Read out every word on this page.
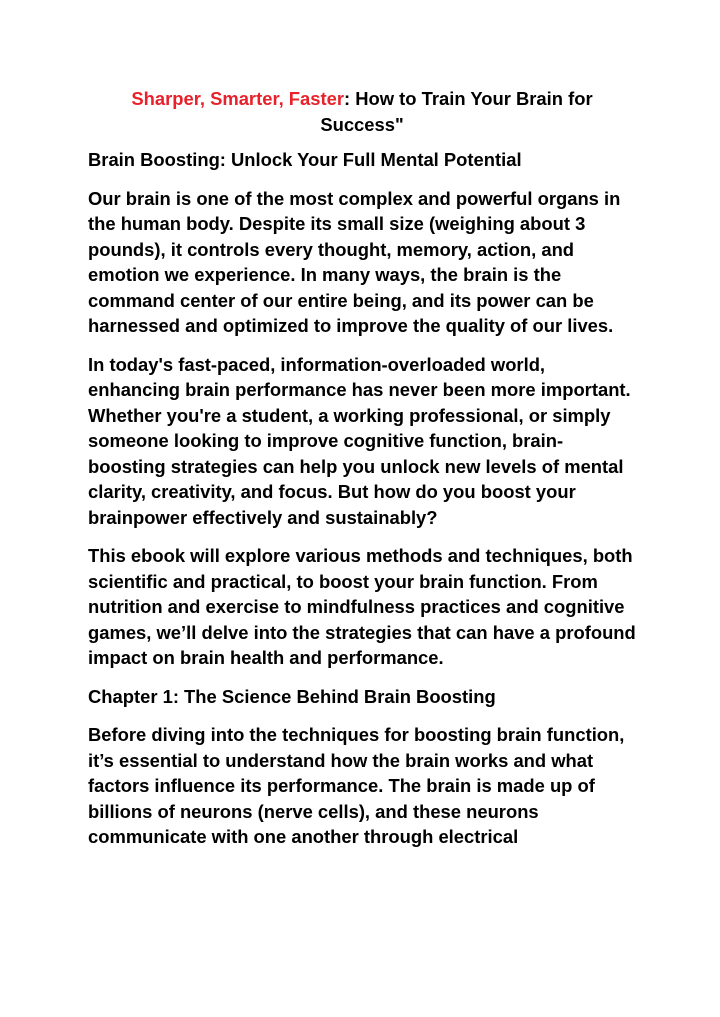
Sharper, Smarter, Faster: How to Train Your Brain for Success"
Brain Boosting: Unlock Your Full Mental Potential
Our brain is one of the most complex and powerful organs in the human body. Despite its small size (weighing about 3 pounds), it controls every thought, memory, action, and emotion we experience. In many ways, the brain is the command center of our entire being, and its power can be harnessed and optimized to improve the quality of our lives.
In today's fast-paced, information-overloaded world, enhancing brain performance has never been more important. Whether you're a student, a working professional, or simply someone looking to improve cognitive function, brain-boosting strategies can help you unlock new levels of mental clarity, creativity, and focus. But how do you boost your brainpower effectively and sustainably?
This ebook will explore various methods and techniques, both scientific and practical, to boost your brain function. From nutrition and exercise to mindfulness practices and cognitive games, we’ll delve into the strategies that can have a profound impact on brain health and performance.
Chapter 1: The Science Behind Brain Boosting
Before diving into the techniques for boosting brain function, it’s essential to understand how the brain works and what factors influence its performance. The brain is made up of billions of neurons (nerve cells), and these neurons communicate with one another through electrical
